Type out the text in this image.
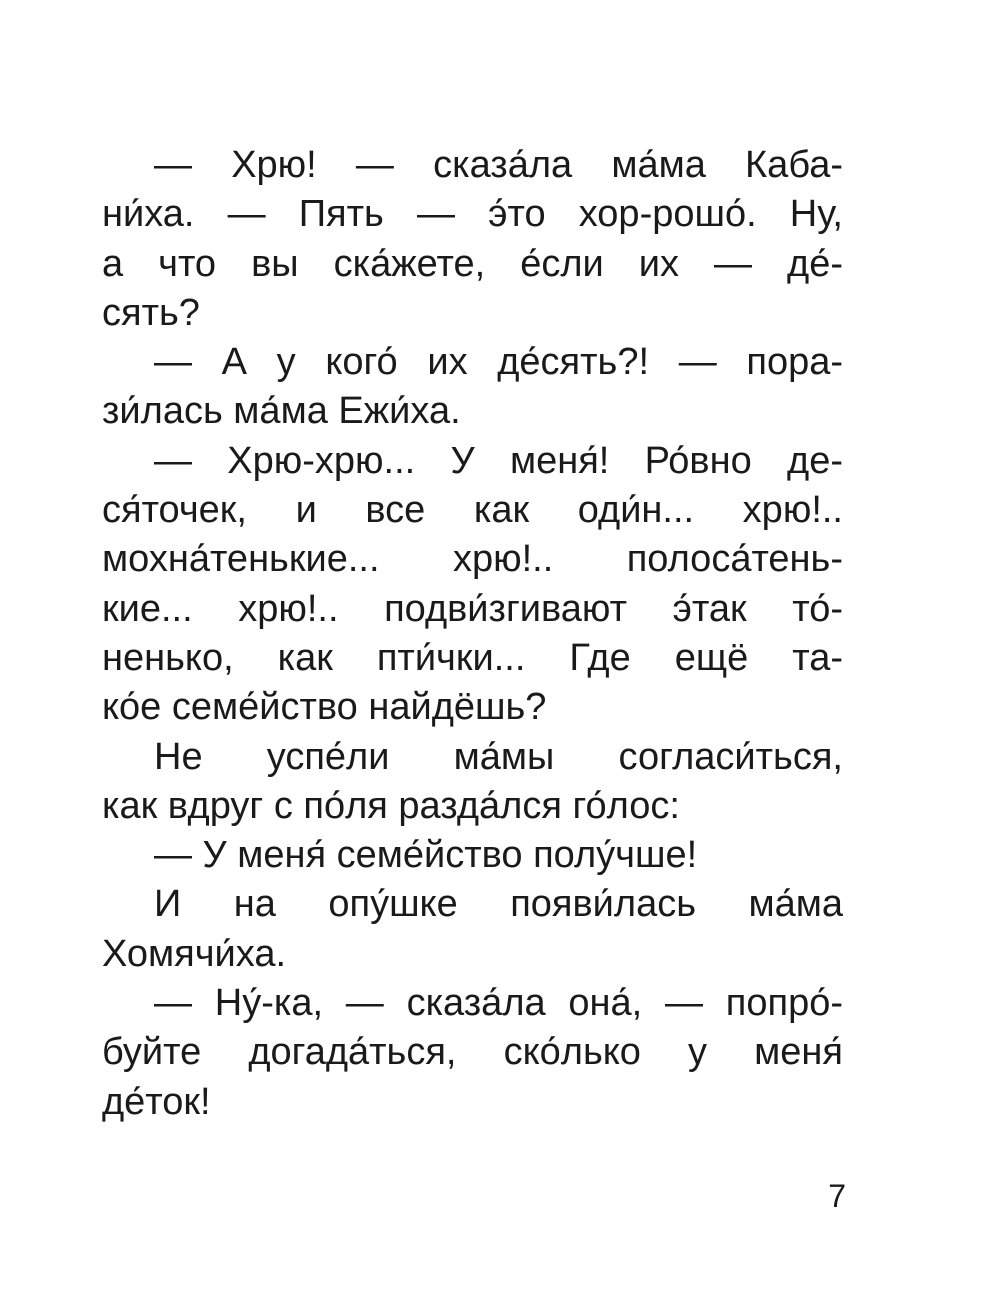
— Хрю! — сказа́ла ма́ма Каба-
ни́ха. — Пять — э́то хор-рошо́. Ну,
а что вы ска́жете, е́сли их — де́-
сять?
— А у кого́ их де́сять?! — пора-
зи́лась ма́ма Ежи́ха.
— Хрю-хрю... У меня́! Ро́вно де-
ся́точек, и все как оди́н... хрю!..
мохна́тенькие... хрю!.. полоса́тень-
кие... хрю!.. подви́згивают э́так то́-
ненько, как пти́чки... Где ещё та-
ко́е семе́йство найдёшь?
Не успе́ли ма́мы согласи́ться,
как вдруг с по́ля разда́лся го́лос:
— У меня́ семе́йство полу́чше!
И на опу́шке появи́лась ма́ма
Хомячи́ха.
— Ну́-ка, — сказа́ла она́, — попро́-
буйте догада́ться, ско́лько у меня́
де́ток!
7
